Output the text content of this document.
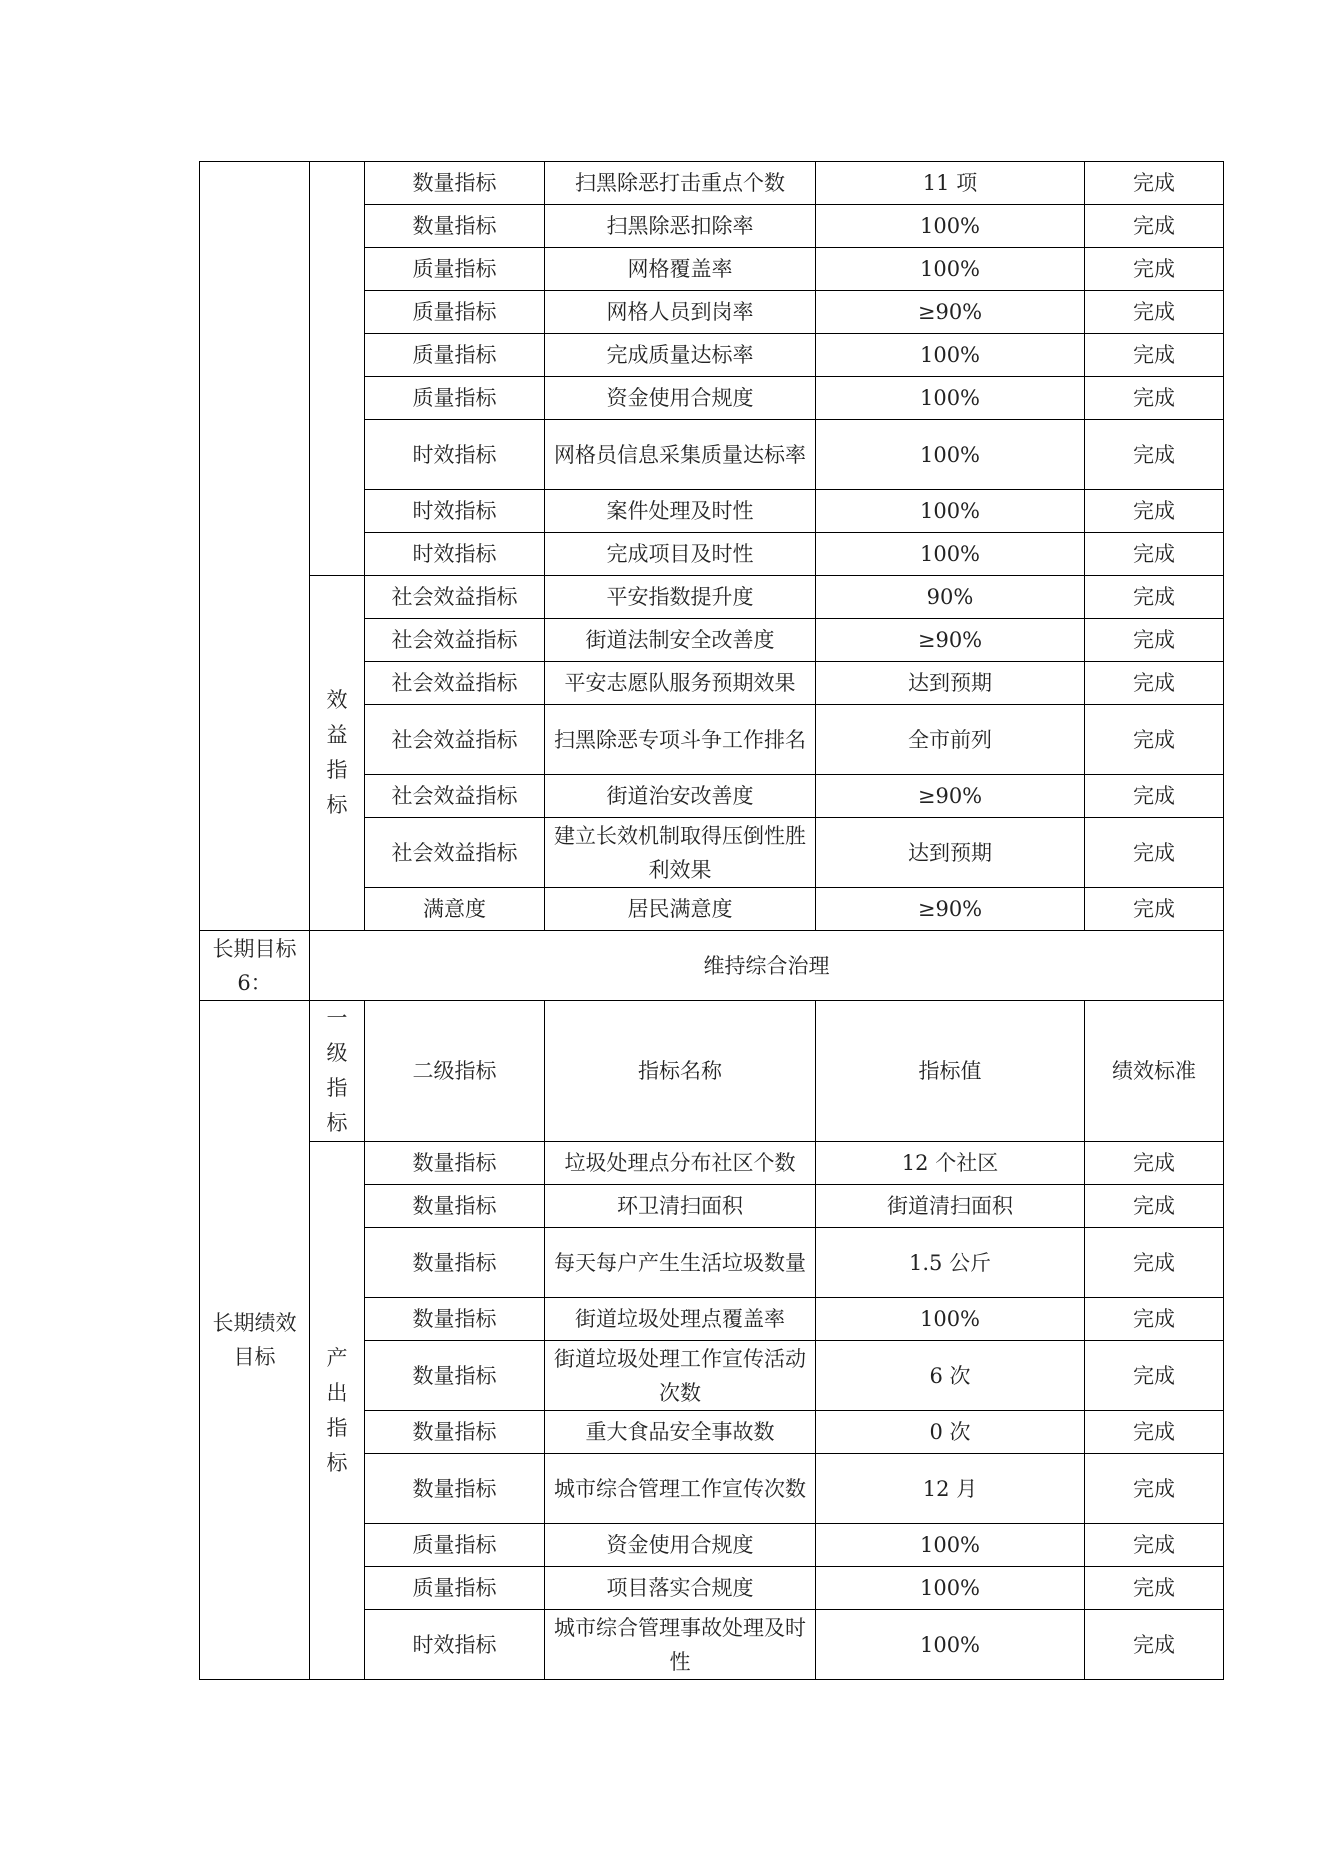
		数量指标	扫黑除恶打击重点个数	11 项	完成
		数量指标	扫黑除恶扣除率	100%	完成
		质量指标	网格覆盖率	100%	完成
		质量指标	网格人员到岗率	≥90%	完成
		质量指标	完成质量达标率	100%	完成
		质量指标	资金使用合规度	100%	完成
		时效指标	网格员信息采集质量达标率	100%	完成
		时效指标	案件处理及时性	100%	完成
		时效指标	完成项目及时性	100%	完成
	效益指标	社会效益指标	平安指数提升度	90%	完成
		社会效益指标	街道法制安全改善度	≥90%	完成
		社会效益指标	平安志愿队服务预期效果	达到预期	完成
		社会效益指标	扫黑除恶专项斗争工作排名	全市前列	完成
		社会效益指标	街道治安改善度	≥90%	完成
		社会效益指标	建立长效机制取得压倒性胜利效果	达到预期	完成
		满意度	居民满意度	≥90%	完成
长期目标6：	维持综合治理				
长期绩效目标	一级指标	二级指标	指标名称	指标值	绩效标准
	产出指标	数量指标	垃圾处理点分布社区个数	12 个社区	完成
		数量指标	环卫清扫面积	街道清扫面积	完成
		数量指标	每天每户产生生活垃圾数量	1.5 公斤	完成
		数量指标	街道垃圾处理点覆盖率	100%	完成
		数量指标	街道垃圾处理工作宣传活动次数	6 次	完成
		数量指标	重大食品安全事故数	0 次	完成
		数量指标	城市综合管理工作宣传次数	12 月	完成
		质量指标	资金使用合规度	100%	完成
		质量指标	项目落实合规度	100%	完成
		时效指标	城市综合管理事故处理及时性	100%	完成
